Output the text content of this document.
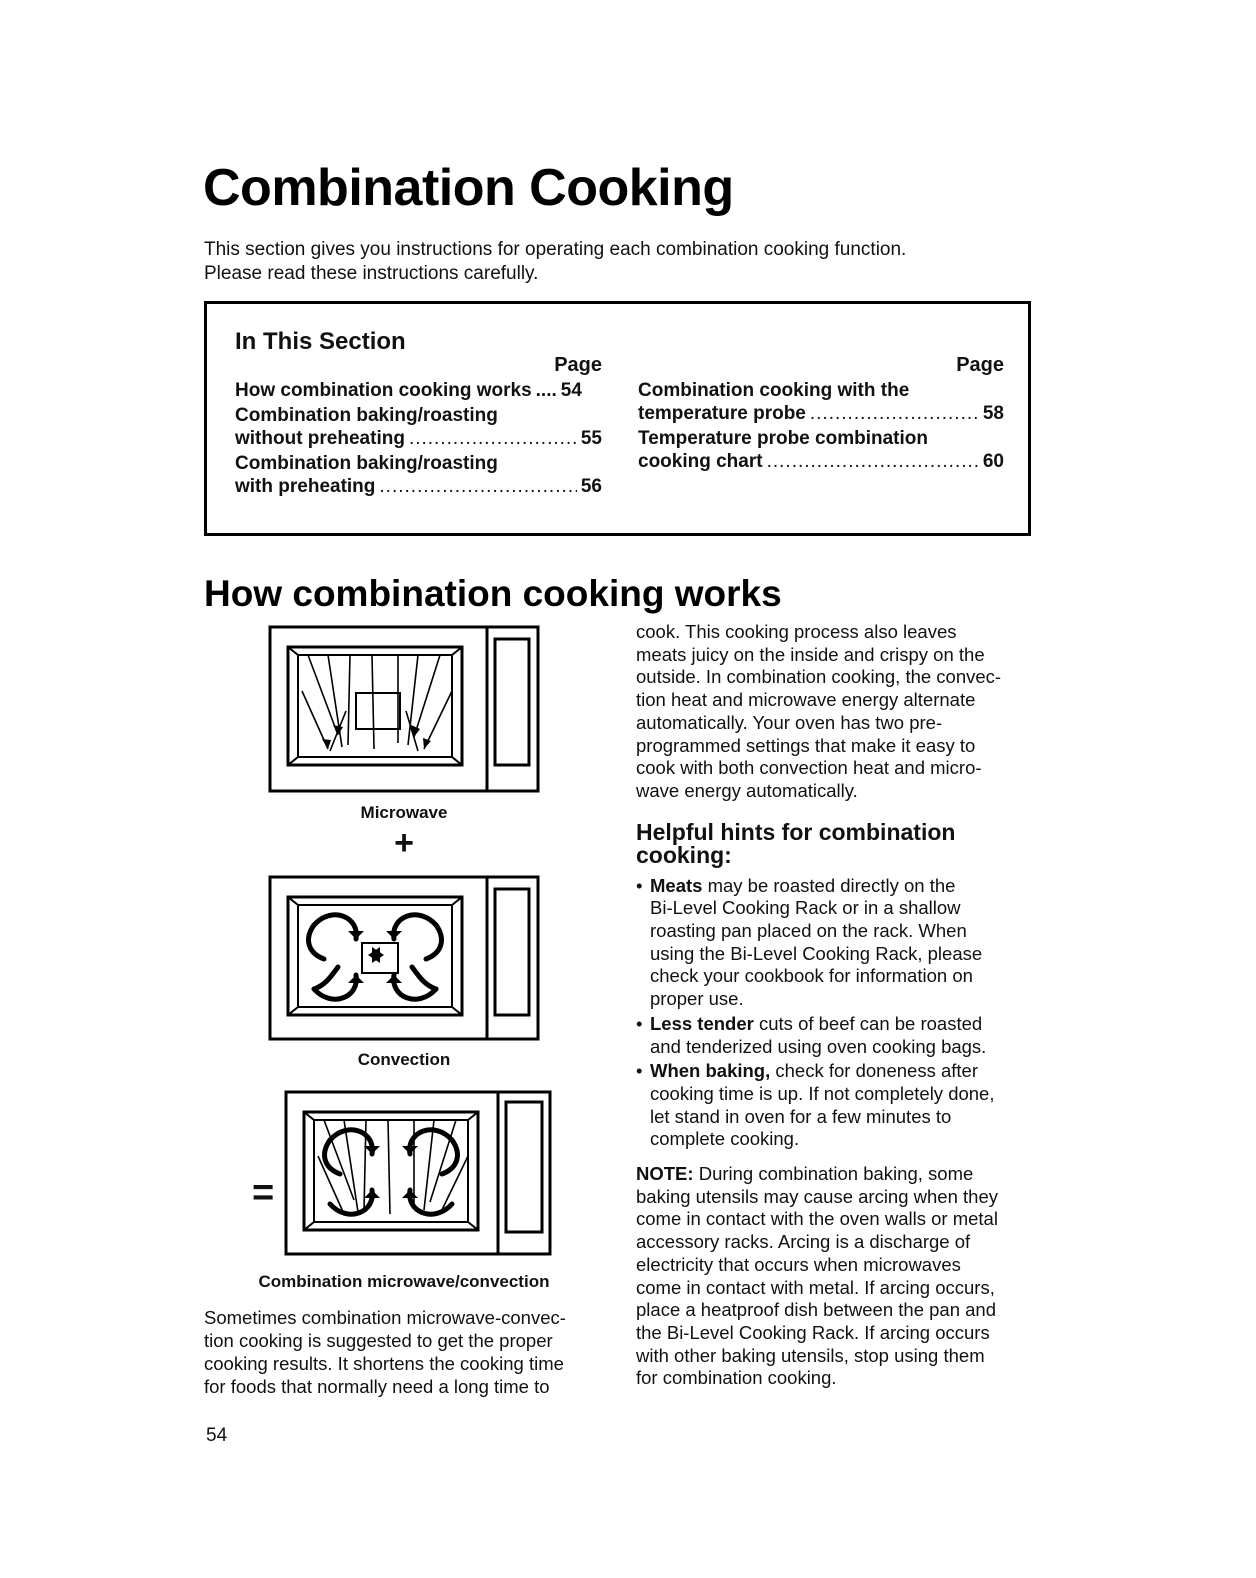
Combination Cooking
This section gives you instructions for operating each combination cooking function.
Please read these instructions carefully.
In This Section
Page
How combination cooking works .... 54
Combination baking/roasting
without preheating .....	55
Combination baking/roasting
with preheating .....	56
Page
Combination cooking with the
temperature probe .....	58
Temperature probe combination
cooking chart .....	60
How combination cooking works
Microwave
+
Convection
=
Combination microwave/convection
Sometimes combination microwave-convec-
tion cooking is suggested to get the proper
cooking results. It shortens the cooking time
for foods that normally need a long time to
cook. This cooking process also leaves
meats juicy on the inside and crispy on the
outside. In combination cooking, the convec-
tion heat and microwave energy alternate
automatically. Your oven has two pre-
programmed settings that make it easy to
cook with both convection heat and micro-
wave energy automatically.
Helpful hints for combination
cooking:
• Meats may be roasted directly on the
Bi-Level Cooking Rack or in a shallow
roasting pan placed on the rack. When
using the Bi-Level Cooking Rack, please
check your cookbook for information on
proper use.
• Less tender cuts of beef can be roasted
and tenderized using oven cooking bags.
• When baking, check for doneness after
cooking time is up. If not completely done,
let stand in oven for a few minutes to
complete cooking.
NOTE: During combination baking, some
baking utensils may cause arcing when they
come in contact with the oven walls or metal
accessory racks. Arcing is a discharge of
electricity that occurs when microwaves
come in contact with metal. If arcing occurs,
place a heatproof dish between the pan and
the Bi-Level Cooking Rack. If arcing occurs
with other baking utensils, stop using them
for combination cooking.
54
